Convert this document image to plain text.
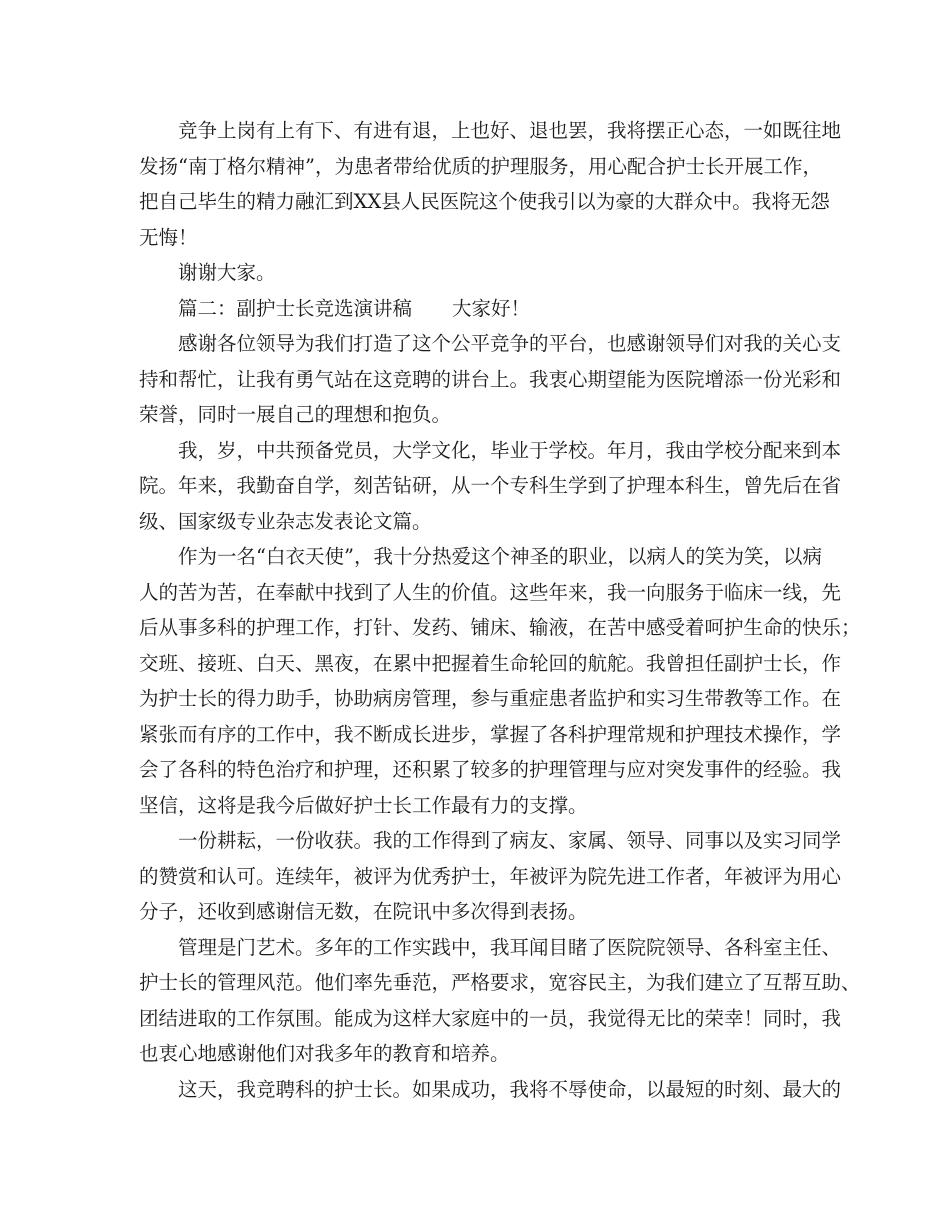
竞争上岗有上有下、有进有退，上也好、退也罢，我将摆正心态，一如既往地
发扬“南丁格尔精神”，为患者带给优质的护理服务，用心配合护士长开展工作，
把自己毕生的精力融汇到XX县人民医院这个使我引以为豪的大群众中。我将无怨
无悔！

谢谢大家。

篇二：副护士长竞选演讲稿 大家好！

感谢各位领导为我们打造了这个公平竞争的平台，也感谢领导们对我的关心支
持和帮忙，让我有勇气站在这竞聘的讲台上。我衷心期望能为医院增添一份光彩和
荣誉，同时一展自己的理想和抱负。

我，岁，中共预备党员，大学文化，毕业于学校。年月，我由学校分配来到本
院。年来，我勤奋自学，刻苦钻研，从一个专科生学到了护理本科生，曾先后在省
级、国家级专业杂志发表论文篇。

作为一名“白衣天使”，我十分热爱这个神圣的职业，以病人的笑为笑，以病
人的苦为苦，在奉献中找到了人生的价值。这些年来，我一向服务于临床一线，先
后从事多科的护理工作，打针、发药、铺床、输液，在苦中感受着呵护生命的快乐；
交班、接班、白天、黑夜，在累中把握着生命轮回的航舵。我曾担任副护士长，作
为护士长的得力助手，协助病房管理，参与重症患者监护和实习生带教等工作。在
紧张而有序的工作中，我不断成长进步，掌握了各科护理常规和护理技术操作，学
会了各科的特色治疗和护理，还积累了较多的护理管理与应对突发事件的经验。我
坚信，这将是我今后做好护士长工作最有力的支撑。

一份耕耘，一份收获。我的工作得到了病友、家属、领导、同事以及实习同学
的赞赏和认可。连续年，被评为优秀护士，年被评为院先进工作者，年被评为用心
分子，还收到感谢信无数，在院讯中多次得到表扬。

管理是门艺术。多年的工作实践中，我耳闻目睹了医院院领导、各科室主任、
护士长的管理风范。他们率先垂范，严格要求，宽容民主，为我们建立了互帮互助、
团结进取的工作氛围。能成为这样大家庭中的一员，我觉得无比的荣幸！同时，我
也衷心地感谢他们对我多年的教育和培养。

这天，我竞聘科的护士长。如果成功，我将不辱使命，以最短的时刻、最大的
